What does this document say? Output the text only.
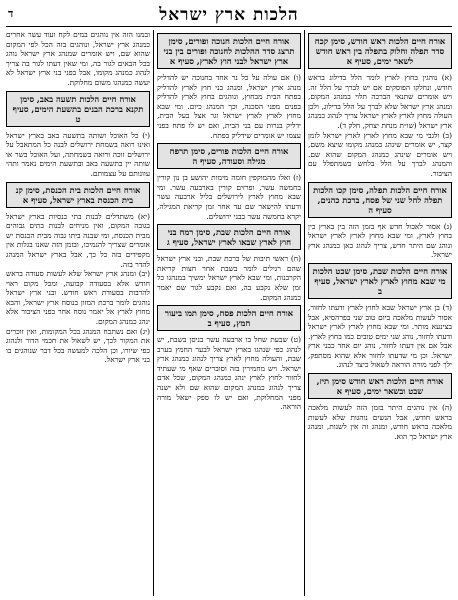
הלכות ארץ ישראל
ד
אורח חיים הלכות ראש חודש, סימן קכח סדר תפלה וחלוק בתפלה בין ראש חודש לשאר ימים, סעיף א

(א) נוהגין בחוץ לארץ לומר הלל בדילוג בראש חודש, ונחלקו הפוסקים אם יש לברך על הלל זה. ויש אומרים שתנאי הברכה תלוי במנהג המקום, ומנהג ארץ ישראל שלא לברך על הלל בדילוג, ולכן העולה מחוץ לארץ לארץ ישראל צריך לנהוג כמנהג ארץ ישראל (שו״ת מנחת יצחק, חלק ד).

(ב) ולגבי מי שבא מחוץ לארץ לארץ ישראל לזמן קצר, יש אומרים שינהג כמנהג מקומו שיצא משם, ויש אומרים שינהג כמנהג המקום שהוא שם. והמנהג לברך על הלל בלחש כשמתפלל עם הציבור.

אורח חיים הלכות תפלה, סימן קכו הלכות תפלה לחל שני של פסח, ברכת כהנים, סעיף ה

(ג) אסור לאכול חדש אף בזמן הזה בין בארץ בין בחוץ לארץ, ומי שבא מחוץ לארץ לארץ ישראל ונוהג שם היתר חדש, צריך לנהוג כאן כמנהג ארץ ישראל.

אורח חיים הלכות שבת, סימן שכט הלכות מי שבא מחוץ לארץ לארץ ישראל, סעיף ב

(ד) בן ארץ ישראל שבא לחוץ לארץ ודעתו לחזור, אסור לעשות מלאכה ביום טוב שני בפרהסיא, אבל בצינעא מותר. ומי שבא מחוץ לארץ לארץ ישראל ודעתו לחזור, נוהג שני ימים טובים כמו בחוץ לארץ. אבל אם אין דעתו לחזור, נוהג יום אחד כבני ארץ ישראל. וכן מי שדעתו לחזור אלא שהוא מסתפק, ילך לפני מורה הוראה לשאול כיצד לנהוג.

אורח חיים הלכות ראש חודש סימן תיז, שבט ובשאר ימים, סעיף א

(ה) אין נוהגים היתר בזמן הזה לעשות מלאכה בראש חודש, אבל הנשים נוהגות שלא לעשות מלאכה בראש חודש, ומנהג זה אין לשנות, ומנהג ארץ ישראל כך הוא.

אורח חיים הלכות חנוכה ופורים, סימן תרצג סדר ההלכות לחנוכה ופורים בין בני ארץ ישראל לבני חוץ לארץ, סעיף א

(ו) אם עולה על כל נר אחד בחנוכה יש להדליק מנהג ארץ ישראל, ומנהג בני חוץ לארץ להדליק בפתח הבית מבחוץ, ונוהגים בחוץ לארץ להדליק בפנים מפני הסכנה, וכך המנהג כיום. ומי שבא מחוץ לארץ לארץ ישראל וגר אצל בעל הבית, ידליק בנרות עם בני הבית, ואם יש לו פתח בפני עצמו יש אומרים שידליק בפתח.

אורח חיים הלכות פורים, סימן תרפח מגילה וסעודה, סעיף ה

(ז) ואלו מהמוקפין חומה מימות יהושע בן נון קורין בחמשה עשר, ופרזים קורין בארבעה עשר. ומי שבא מחוץ לארץ לירושלים בליל ארבעה עשר ודעתו להישאר שם עד אחר זמן קריאת המגילה, יקרא בחמשה עשר כבני ירושלים.

אורח חיים הלכות שבת, סימן רמח בני חוץ לארץ שבאו לארץ ישראל, סעיף ג

(ח) ראשי תיבות של ברכת שבת, ובני ארץ ישראל שהם רגילים לומר בשבת אחר חצות קריאת הקרבנות, ומי שבא לארץ ישראל ימשיך במנהגו כל זמן שלא נקבע בה, ואם נקבע לגור שם יאמר כמנהג המקום.

אורח חיים הלכות פסח, סימן תמו ביעור חמץ, סעיף ב

(ט) שבעת שחל בו ארבעה עשר בניסן בשבת, יש לנהוג כפי שנהגו בארץ ישראל לבער החמץ בערב שבת, והעולה מחוץ לארץ צריך לנהוג כמנהג ארץ ישראל. ויש מחמירין בזה וסוברים שאף מי שעתיד לחזור לחוץ לארץ ינהג כמנהג המקום, שכל אדם צריך לנהוג כמנהג המקום שהוא שם ולא ישנה מפני המחלוקת, ואם יש לו ספק ישאל מורה הוראה.

ובמנו הזה אין נוהגים במים לקח ועוד עשר אחרים כמנהג ארץ ישראל, ונוהגים בזה הכל לפי המקום שהוא שם, ויש אומרים שמנהג ארץ ישראל נוהג בכל הבאים לגור בה, ומי שאין דעתו לגור בה צריך לנהוג כמנהג מקומו, אבל בפני בני ארץ ישראל לא יעשה כמנהגו משום מחלוקת.

אורח חיים הלכות תשעה באב, סימן תקנא ברכת הבנים בתשעת הימים, סעיף ט

(י) כל האוכל ושותה בתשעה באב בארץ ישראל ואינו רואה בשמחת ירושלים לבנה כל המתאבל על ירושלים זוכה ורואה בשמחתה, ועל האוכל בשר או שותה יין בתשעה באב ובתשעת הימים נאמר ותהי עוונותם על עצמותם.

אורח חיים הלכות בית הכנסת, סימן קנ בית הכנסת בארץ ישראל, סעיף א

(יא) משתדלים לבנות בתי כנסיות בארץ ישראל בגובה המקום, ואין מניחים לבנות בתים גבוהים מבית הכנסת, ומי שבנה ביתו גבוה מבית הכנסת יש אומרים שצריך להנמיכו, ובזמן הזה שאנו בגלות אין מקפידים בזה כל כך, אבל בארץ ישראל המנהג להדר בזה.

(יב) ומנהג ארץ ישראל שלא לעשות סעודה בראש חודש אלא בסעודה קבועה, ומכל מקום ראוי להרבות בסעודת ראש חודש. ובני ארץ ישראל נוהגים לומר ברכת המזון בנוסח ארץ ישראל, והבא מחוץ לארץ אל יאמר נוסח אחר בפני הציבור אלא ינהג כמנהג המקום.

(יג) ואם נשתכח המנהג בכל המקומות, ואין זוכרים את המקור לכך, יש לשאול את חכמי הדור ולנהוג כפי שיורו, וכן הלכה למעשה בכל דבר שנוהגים בו בני ארץ ישראל.
